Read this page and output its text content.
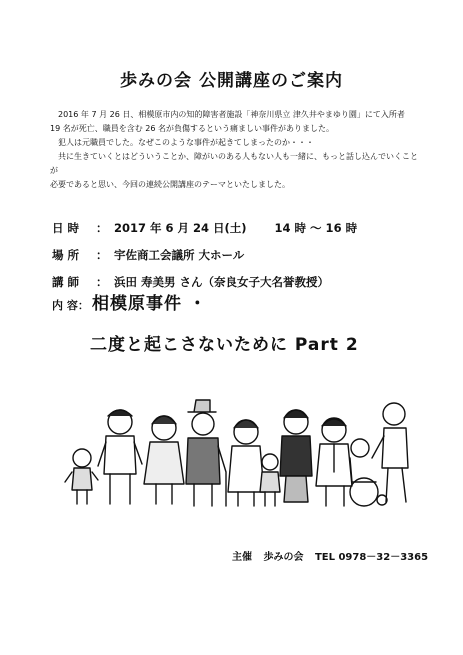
歩みの会 公開講座のご案内

2016 年 7 月 26 日、相模原市内の知的障害者施設「神奈川県立 津久井やまゆり園」にて入所者

19 名が死亡、職員を含む 26 名が負傷するという痛ましい事件がありました。

犯人は元職員でした。なぜこのような事件が起きてしまったのか・・・

共に生きていくとはどういうことか、障がいのある人もない人も一緒に、もっと話し込んでいくことが

必要であると思い、今回の連続公開講座のテーマといたしました。

日 時	： 2017 年 6 月 24 日(土) 14 時 ～ 16 時
場 所	： 宇佐商工会議所 大ホール
講 師	： 浜田 寿美男 さん（奈良女子大名誉教授）
内 容： 相模原事件 ・
二度と起こさないために Part 2
主催 歩みの会 TEL 0978－32－3365
